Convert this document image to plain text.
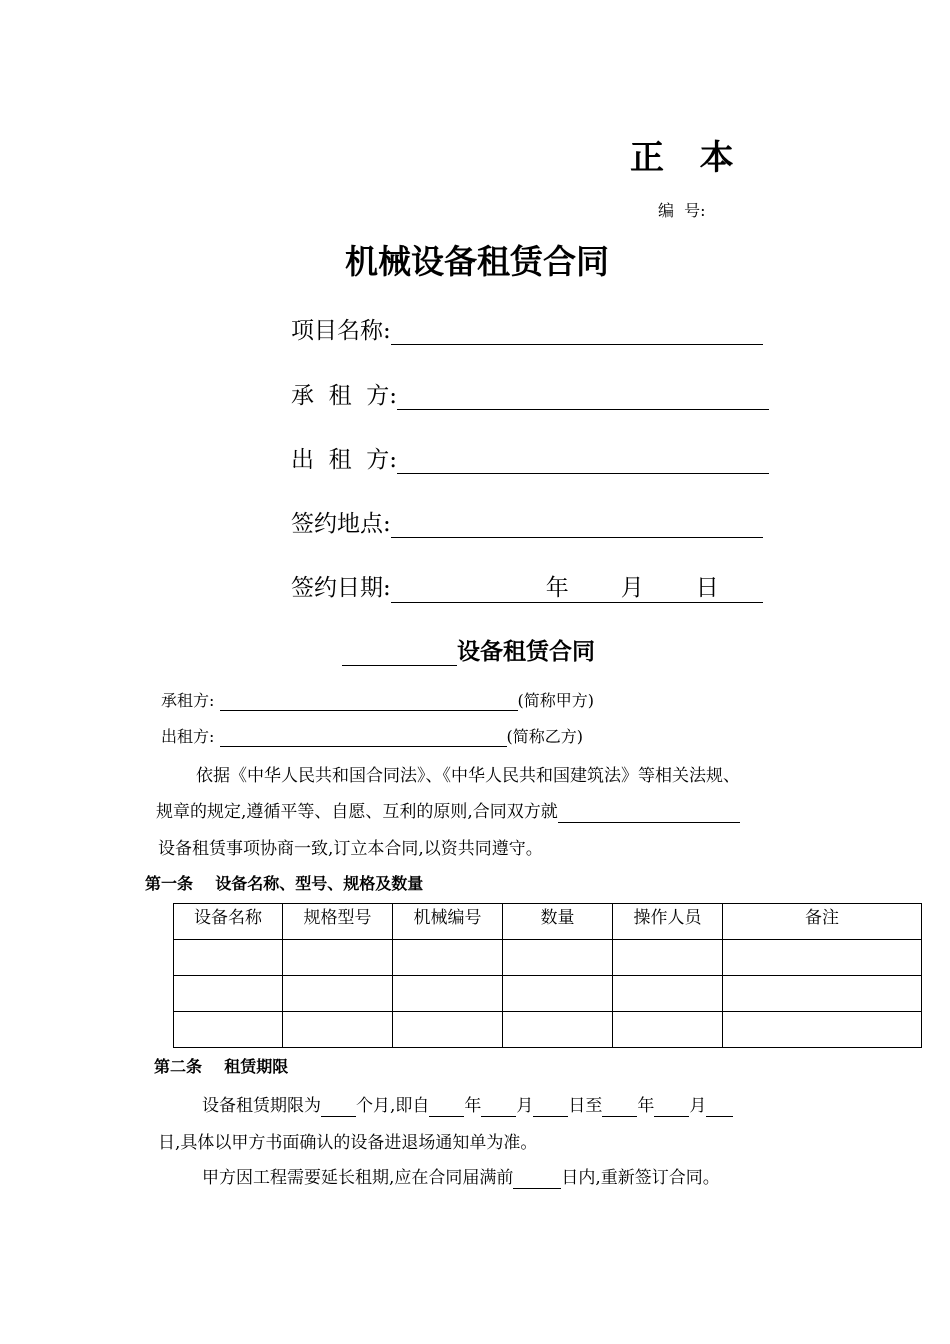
正  本
编  号:
机械设备租赁合同
项目名称:
承  租  方:
出  租  方:
签约地点:
签约日期:	年 月 日
设备租赁合同
承租方:	(简称甲方)
出租方:	(简称乙方)
依据《中华人民共和国合同法》、《中华人民共和国建筑法》等相关法规、
规章的规定,遵循平等、自愿、互利的原则,合同双方就
设备租赁事项协商一致,订立本合同,以资共同遵守。
第一条    设备名称、型号、规格及数量
设备名称	规格型号	机械编号	数量	操作人员	备注

第二条    租赁期限
设备租赁期限为 个月,即自 年 月 日至 年 月
日,具体以甲方书面确认的设备进退场通知单为准。
甲方因工程需要延长租期,应在合同届满前	日内,重新签订合同。
